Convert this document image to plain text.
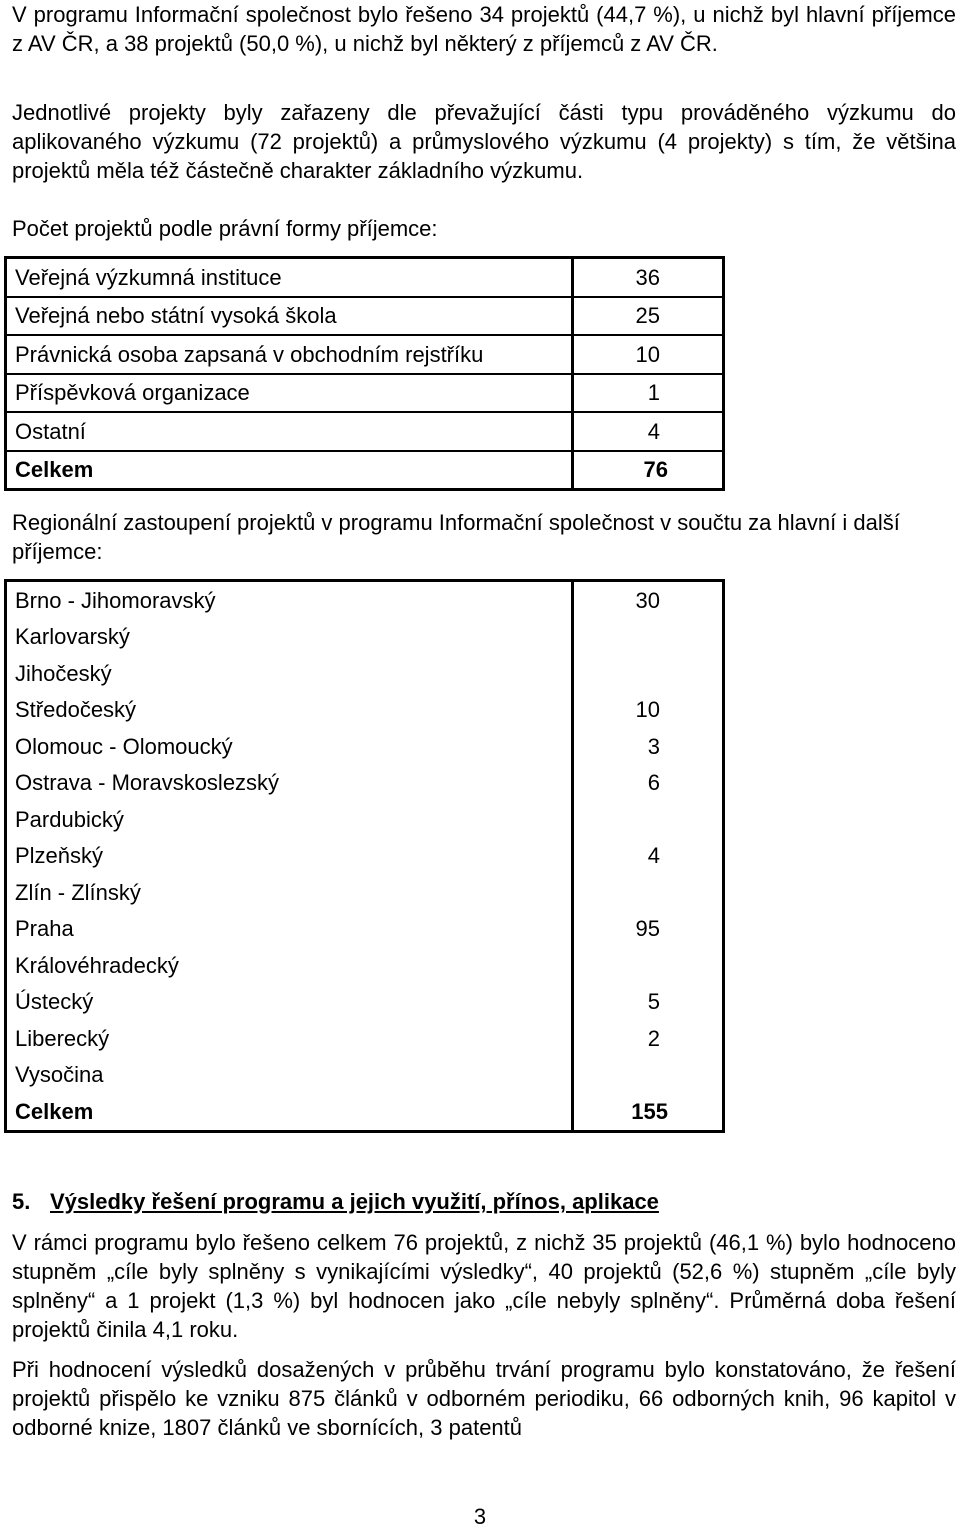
V programu Informační společnost bylo řešeno 34 projektů (44,7 %), u nichž byl hlavní příjemce z AV ČR, a 38 projektů (50,0 %), u nichž byl některý z příjemců z AV ČR.

Jednotlivé projekty byly zařazeny dle převažující části typu prováděného výzkumu do aplikovaného výzkumu (72 projektů) a průmyslového výzkumu (4 projekty) s tím, že většina projektů měla též částečně charakter základního výzkumu.

Počet projektů podle právní formy příjemce:

Veřejná výzkumná instituce	36
Veřejná nebo státní vysoká škola	25
Právnická osoba zapsaná v obchodním rejstříku	10
Příspěvková organizace	1
Ostatní	4
Celkem	76

Regionální zastoupení projektů v programu Informační společnost v součtu za hlavní i další příjemce:

Brno - Jihomoravský	30
Karlovarský	
Jihočeský	
Středočeský	10
Olomouc - Olomoucký	3
Ostrava - Moravskoslezský	6
Pardubický	
Plzeňský	4
Zlín - Zlínský	
Praha	95
Královéhradecký	
Ústecký	5
Liberecký	2
Vysočina	
Celkem	155

5. Výsledky řešení programu a jejich využití, přínos, aplikace

V rámci programu bylo řešeno celkem 76 projektů, z nichž 35 projektů (46,1 %) bylo hodnoceno stupněm „cíle byly splněny s vynikajícími výsledky“, 40 projektů (52,6 %) stupněm „cíle byly splněny“ a 1 projekt (1,3 %) byl hodnocen jako „cíle nebyly splněny“. Průměrná doba řešení projektů činila 4,1 roku.

Při hodnocení výsledků dosažených v průběhu trvání programu bylo konstatováno, že řešení projektů přispělo ke vzniku 875 článků v odborném periodiku, 66 odborných knih, 96 kapitol v odborné knize, 1807 článků ve sbornících, 3 patentů

3
